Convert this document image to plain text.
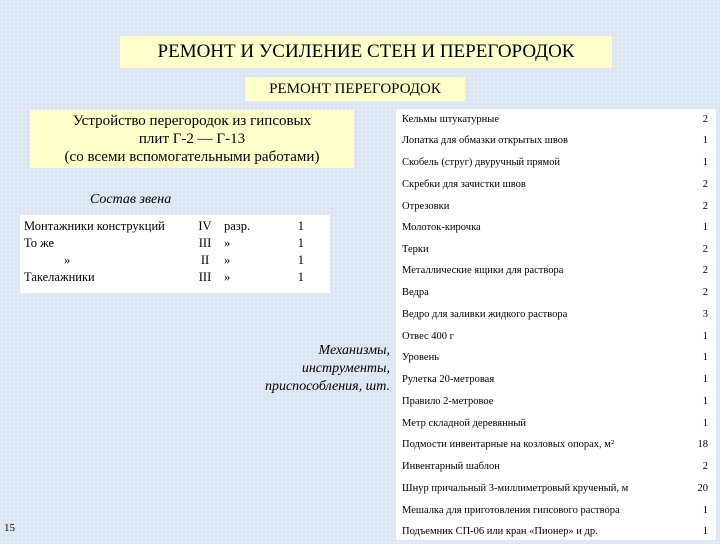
РЕМОНТ И УСИЛЕНИЕ СТЕН И ПЕРЕГОРОДОК
РЕМОНТ ПЕРЕГОРОДОК
Устройство перегородок из гипсовых
плит Г-2 — Г-13
(со всеми вспомогательными работами)
Состав звена
Монтажники конструкций	IV разр.	1
То же	III	»	1
»	II	»	1
Такелажники	III	»	1
Механизмы,
инструменты,
приспособления, шт.
Кельмы штукатурные	2
Лопатка для обмазки открытых швов	1
Скобель (струг) двуручный прямой	1
Скребки для зачистки швов	2
Отрезовки	2
Молоток-кирочка	1
Терки	2
Металлические ящики для раствора	2
Ведра	2
Ведро для заливки жидкого раствора	3
Отвес 400 г	1
Уровень	1
Рулетка 20-метровая	1
Правило 2-метровое	1
Метр складной деревянный	1
Подмости инвентарные на козловых опорах, м²	18
Инвентарный шаблон	2
Шнур причальный 3-миллиметровый крученый, м	20
Мешалка для приготовления гипсового раствора	1
Подъемник СП-06 или кран «Пионер» и др.	1
15
